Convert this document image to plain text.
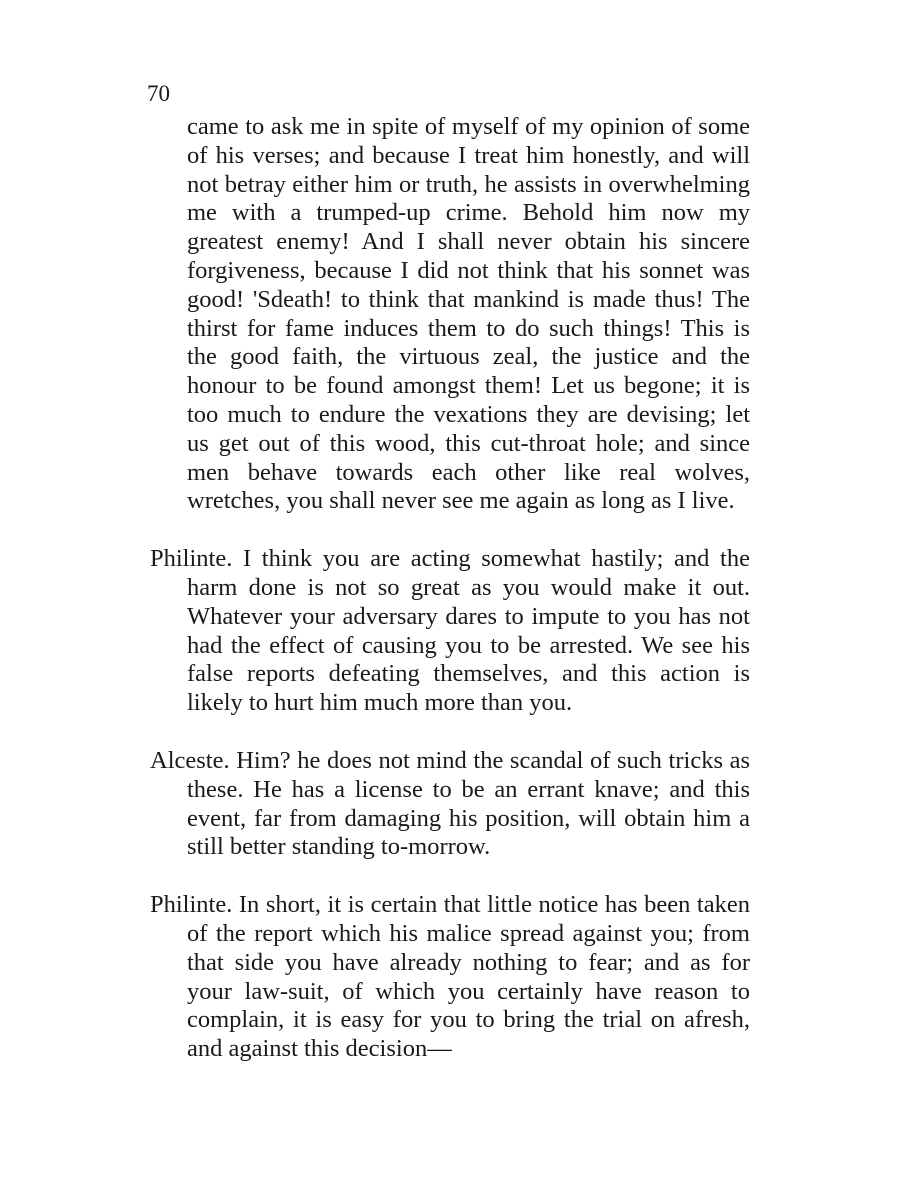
70

came to ask me in spite of myself of my opinion of some of his verses; and because I treat him honestly, and will not betray either him or truth, he assists in overwhelming me with a trumped-up crime. Behold him now my greatest enemy! And I shall never obtain his sincere forgiveness, because I did not think that his sonnet was good! 'Sdeath! to think that mankind is made thus! The thirst for fame induces them to do such things! This is the good faith, the virtuous zeal, the justice and the honour to be found amongst them! Let us begone; it is too much to endure the vexations they are devising; let us get out of this wood, this cut-throat hole; and since men behave towards each other like real wolves, wretches, you shall never see me again as long as I live.

Philinte. I think you are acting somewhat hastily; and the harm done is not so great as you would make it out. Whatever your adversary dares to impute to you has not had the effect of causing you to be arrested. We see his false reports defeating themselves, and this action is likely to hurt him much more than you.

Alceste. Him? he does not mind the scandal of such tricks as these. He has a license to be an errant knave; and this event, far from damaging his position, will obtain him a still better standing to-morrow.

Philinte. In short, it is certain that little notice has been taken of the report which his malice spread against you; from that side you have already nothing to fear; and as for your law-suit, of which you certainly have reason to complain, it is easy for you to bring the trial on afresh, and against this decision—
